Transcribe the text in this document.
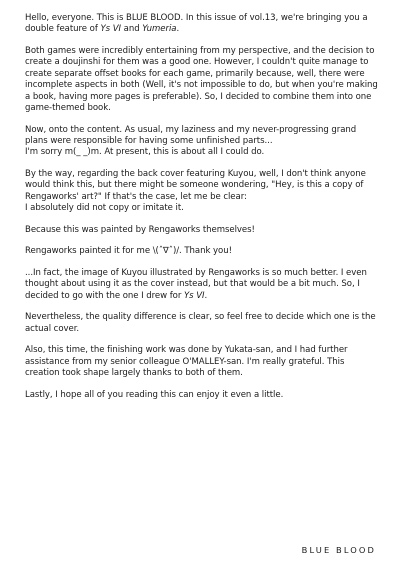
Hello, everyone. This is BLUE BLOOD. In this issue of vol.13, we're bringing you a double feature of Ys VI and Yumeria.
Both games were incredibly entertaining from my perspective, and the decision to create a doujinshi for them was a good one. However, I couldn't quite manage to create separate offset books for each game, primarily because, well, there were incomplete aspects in both (Well, it's not impossible to do, but when you're making a book, having more pages is preferable). So, I decided to combine them into one game-themed book.
Now, onto the content. As usual, my laziness and my never-progressing grand plans were responsible for having some unfinished parts...
I'm sorry m(_ _)m. At present, this is about all I could do.
By the way, regarding the back cover featuring Kuyou, well, I don't think anyone would think this, but there might be someone wondering, "Hey, is this a copy of Rengaworks' art?" If that's the case, let me be clear:
I absolutely did not copy or imitate it.
Because this was painted by Rengaworks themselves!
Rengaworks painted it for me \(ˆ∇ˆ)/. Thank you!
...In fact, the image of Kuyou illustrated by Rengaworks is so much better. I even thought about using it as the cover instead, but that would be a bit much. So, I decided to go with the one I drew for Ys VI.
Nevertheless, the quality difference is clear, so feel free to decide which one is the actual cover.
Also, this time, the finishing work was done by Yukata-san, and I had further assistance from my senior colleague O'MALLEY-san. I'm really grateful. This creation took shape largely thanks to both of them.
Lastly, I hope all of you reading this can enjoy it even a little.
BLUE BLOOD
